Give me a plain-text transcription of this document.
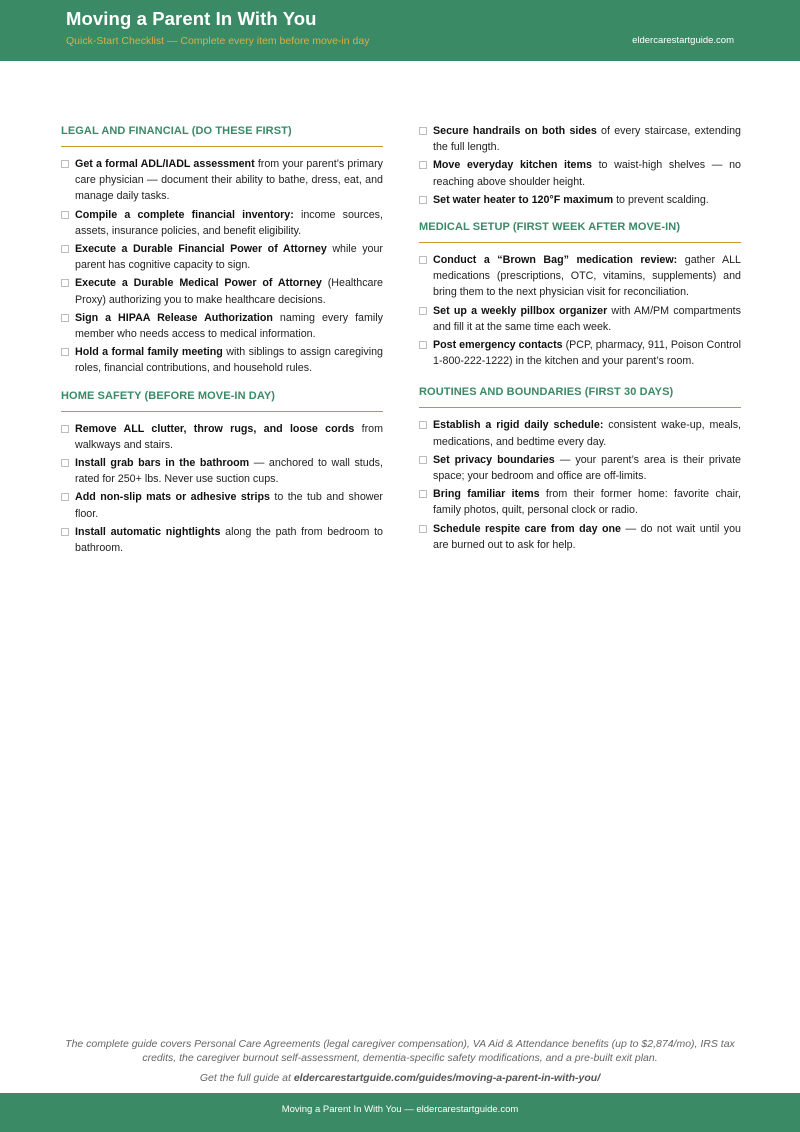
Moving a Parent In With You
Quick-Start Checklist — Complete every item before move-in day	eldercarestartguide.com
LEGAL AND FINANCIAL (DO THESE FIRST)
Get a formal ADL/IADL assessment from your parent’s primary care physician — document their ability to bathe, dress, eat, and manage daily tasks.
Compile a complete financial inventory: income sources, assets, insurance policies, and benefit eligibility.
Execute a Durable Financial Power of Attorney while your parent has cognitive capacity to sign.
Execute a Durable Medical Power of Attorney (Healthcare Proxy) authorizing you to make healthcare decisions.
Sign a HIPAA Release Authorization naming every family member who needs access to medical information.
Hold a formal family meeting with siblings to assign caregiving roles, financial contributions, and household rules.
HOME SAFETY (BEFORE MOVE-IN DAY)
Remove ALL clutter, throw rugs, and loose cords from walkways and stairs.
Install grab bars in the bathroom — anchored to wall studs, rated for 250+ lbs. Never use suction cups.
Add non-slip mats or adhesive strips to the tub and shower floor.
Install automatic nightlights along the path from bedroom to bathroom.
Secure handrails on both sides of every staircase, extending the full length.
Move everyday kitchen items to waist-high shelves — no reaching above shoulder height.
Set water heater to 120°F maximum to prevent scalding.
MEDICAL SETUP (FIRST WEEK AFTER MOVE-IN)
Conduct a “Brown Bag” medication review: gather ALL medications (prescriptions, OTC, vitamins, supplements) and bring them to the next physician visit for reconciliation.
Set up a weekly pillbox organizer with AM/PM compartments and fill it at the same time each week.
Post emergency contacts (PCP, pharmacy, 911, Poison Control 1-800-222-1222) in the kitchen and your parent’s room.
ROUTINES AND BOUNDARIES (FIRST 30 DAYS)
Establish a rigid daily schedule: consistent wake-up, meals, medications, and bedtime every day.
Set privacy boundaries — your parent’s area is their private space; your bedroom and office are off-limits.
Bring familiar items from their former home: favorite chair, family photos, quilt, personal clock or radio.
Schedule respite care from day one — do not wait until you are burned out to ask for help.
The complete guide covers Personal Care Agreements (legal caregiver compensation), VA Aid & Attendance benefits (up to $2,874/mo), IRS tax credits, the caregiver burnout self-assessment, dementia-specific safety modifications, and a pre-built exit plan.
Get the full guide at eldercarestartguide.com/guides/moving-a-parent-in-with-you/
Moving a Parent In With You — eldercarestartguide.com
